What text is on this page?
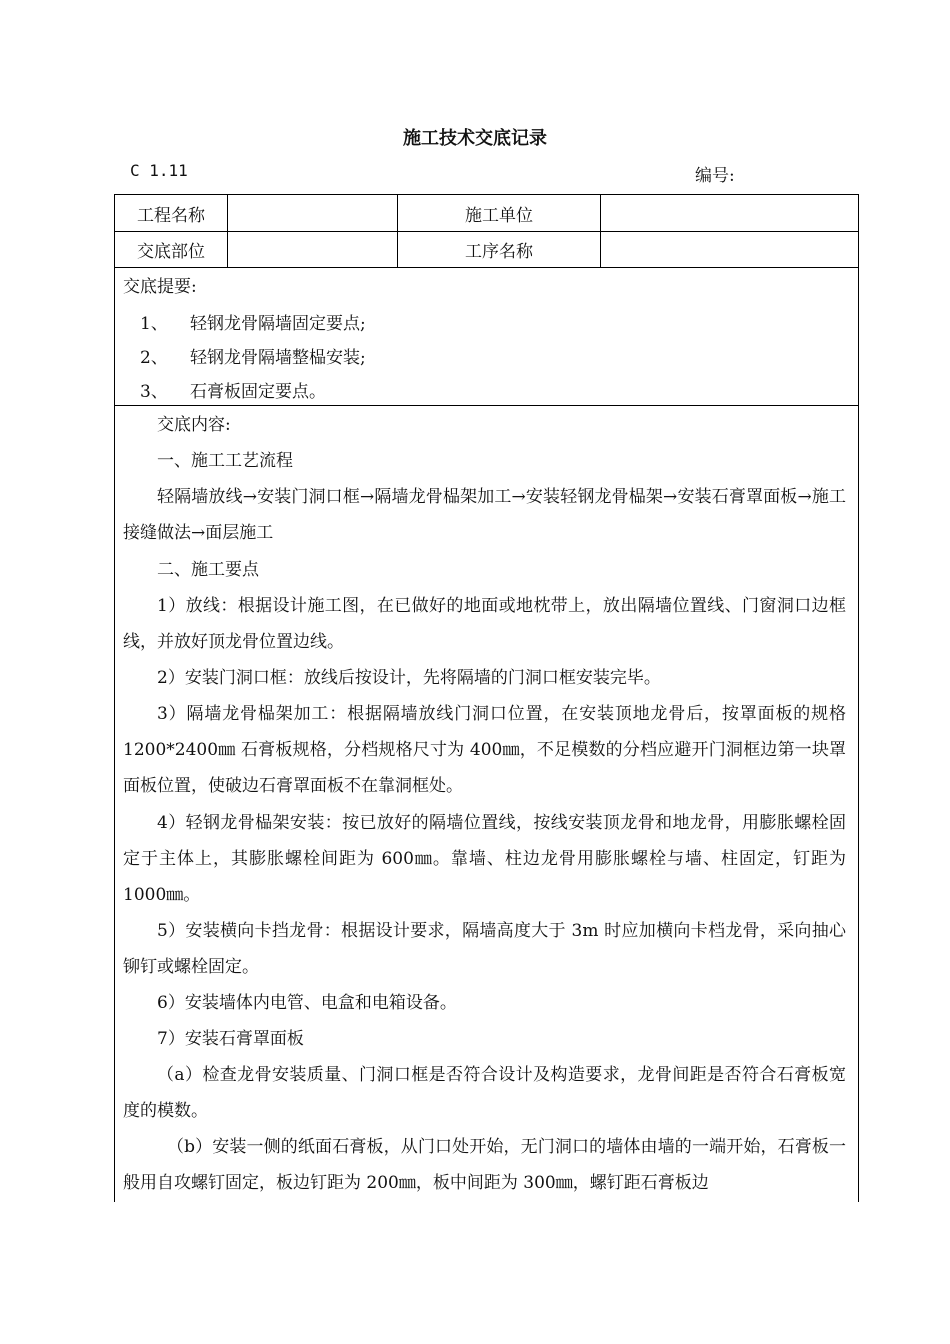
施工技术交底记录
C 1.11	编号:
工程名称	施工单位
交底部位	工序名称
交底提要:
1、 轻钢龙骨隔墙固定要点;
2、 轻钢龙骨隔墙整榀安装;
3、 石膏板固定要点。

交底内容:

一、施工工艺流程

轻隔墙放线→安装门洞口框→隔墙龙骨榀架加工→安装轻钢龙骨榀架→安装石膏罩面板→施工接缝做法→面层施工

二、施工要点

1）放线：根据设计施工图，在已做好的地面或地枕带上，放出隔墙位置线、门窗洞口边框线，并放好顶龙骨位置边线。

2）安装门洞口框：放线后按设计，先将隔墙的门洞口框安装完毕。

3）隔墙龙骨榀架加工：根据隔墙放线门洞口位置，在安装顶地龙骨后，按罩面板的规格 1200*2400㎜ 石膏板规格，分档规格尺寸为 400㎜，不足模数的分档应避开门洞框边第一块罩面板位置，使破边石膏罩面板不在靠洞框处。

4）轻钢龙骨榀架安装：按已放好的隔墙位置线，按线安装顶龙骨和地龙骨，用膨胀螺栓固定于主体上，其膨胀螺栓间距为 600㎜。靠墙、柱边龙骨用膨胀螺栓与墙、柱固定，钉距为 1000㎜。

5）安装横向卡挡龙骨：根据设计要求，隔墙高度大于 3m 时应加横向卡档龙骨，采向抽心铆钉或螺栓固定。

6）安装墙体内电管、电盒和电箱设备。

7）安装石膏罩面板

（a）检查龙骨安装质量、门洞口框是否符合设计及构造要求，龙骨间距是否符合石膏板宽度的模数。

（b）安装一侧的纸面石膏板，从门口处开始，无门洞口的墙体由墙的一端开始，石膏板一般用自攻螺钉固定，板边钉距为 200㎜，板中间距为 300㎜，螺钉距石膏板边
